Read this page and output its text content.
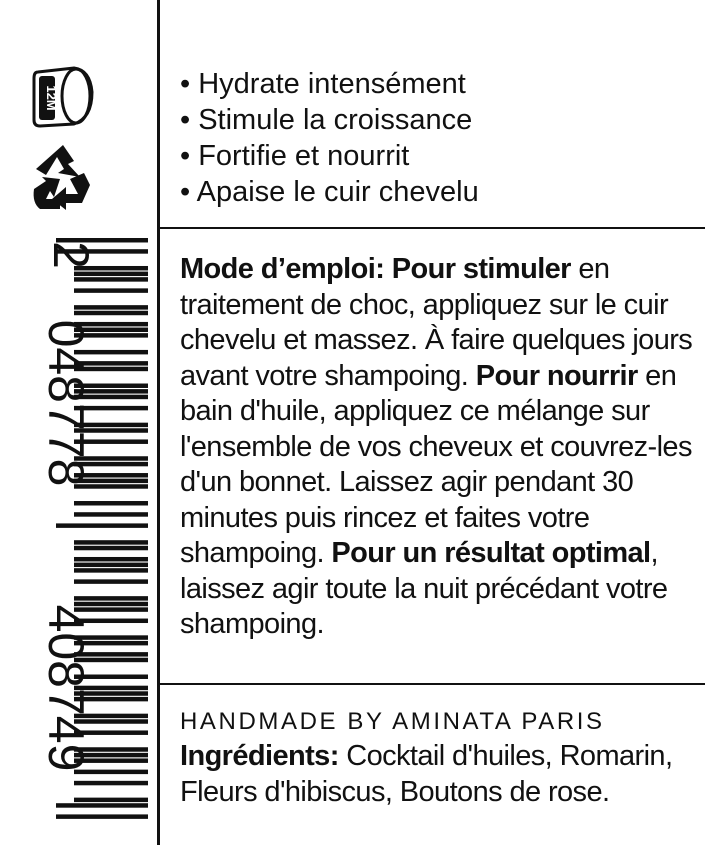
12M
2
048778
408749
• Hydrate intensément
• Stimule la croissance
• Fortifie et nourrit
• Apaise le cuir chevelu
Mode d’emploi: Pour stimuler en traitement de choc, appliquez sur le cuir chevelu et massez. À faire quelques jours avant votre shampoing. Pour nourrir en bain d'huile, appliquez ce mélange sur l'ensemble de vos cheveux et couvrez-les d'un bonnet. Laissez agir pendant 30 minutes puis rincez et faites votre shampoing. Pour un résultat optimal, laissez agir toute la nuit précédant votre shampoing.
HANDMADE BY AMINATA PARIS
Ingrédients: Cocktail d'huiles, Romarin, Fleurs d'hibiscus, Boutons de rose.
